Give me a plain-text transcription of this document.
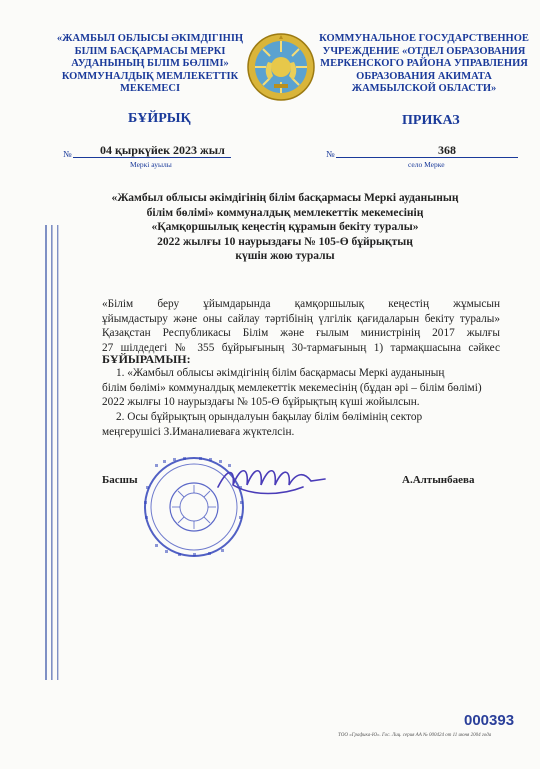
«ЖАМБЫЛ ОБЛЫСЫ ӘКІМДІГІНІҢ БІЛІМ БАСҚАРМАСЫ МЕРКІ АУДАНЫНЫҢ БІЛІМ БӨЛІМІ» КОММУНАЛДЫҚ МЕМЛЕКЕТТІК МЕКЕМЕСІ
КОММУНАЛЬНОЕ ГОСУДАРСТВЕННОЕ УЧРЕЖДЕНИЕ «ОТДЕЛ ОБРАЗОВАНИЯ МЕРКЕНСКОГО РАЙОНА УПРАВЛЕНИЯ ОБРАЗОВАНИЯ АКИМАТА ЖАМБЫЛСКОЙ ОБЛАСТИ»
БҰЙРЫҚ	ПРИКАЗ
№ 04 қыркүйек 2023 жыл
Меркі ауылы
№	368
село Мерке
«Жамбыл облысы әкімдігінің білім басқармасы Меркі ауданының
білім бөлімі» коммуналдық мемлекеттік мекемесінің
«Қамқоршылық кеңестің құрамын бекіту туралы»
2022 жылғы 10 наурыздағы № 105-Ө бұйрықтың
күшін жою туралы
«Білім беру ұйымдарында қамқоршылық кеңестің жұмысын
ұйымдастыру және оны сайлау тәртібінің үлгілік қағидаларын бекіту туралы»
Қазақстан Республикасы Білім және ғылым министрінің 2017 жылғы
27 шілдедегі № 355 бұйрығының 30-тармағының 1) тармақшасына сәйкес
БҰЙЫРАМЫН:
1. «Жамбыл облысы әкімдігінің білім басқармасы Меркі ауданының
білім бөлімі» коммуналдық мемлекеттік мекемесінің (бұдан әрі – білім бөлімі)
2022 жылғы 10 наурыздағы № 105-Ө бұйрықтың күші жойылсын.
2. Осы бұйрықтың орындалуын бақылау білім бөлімінің сектор
меңгерушісі З.Иманалиеваға жүктелсін.
Басшы	А.Алтынбаева
000393
ТОО «Графика-Ю». Гос. Лиц. серия АА № 000424 от 11 июня 2004 года
